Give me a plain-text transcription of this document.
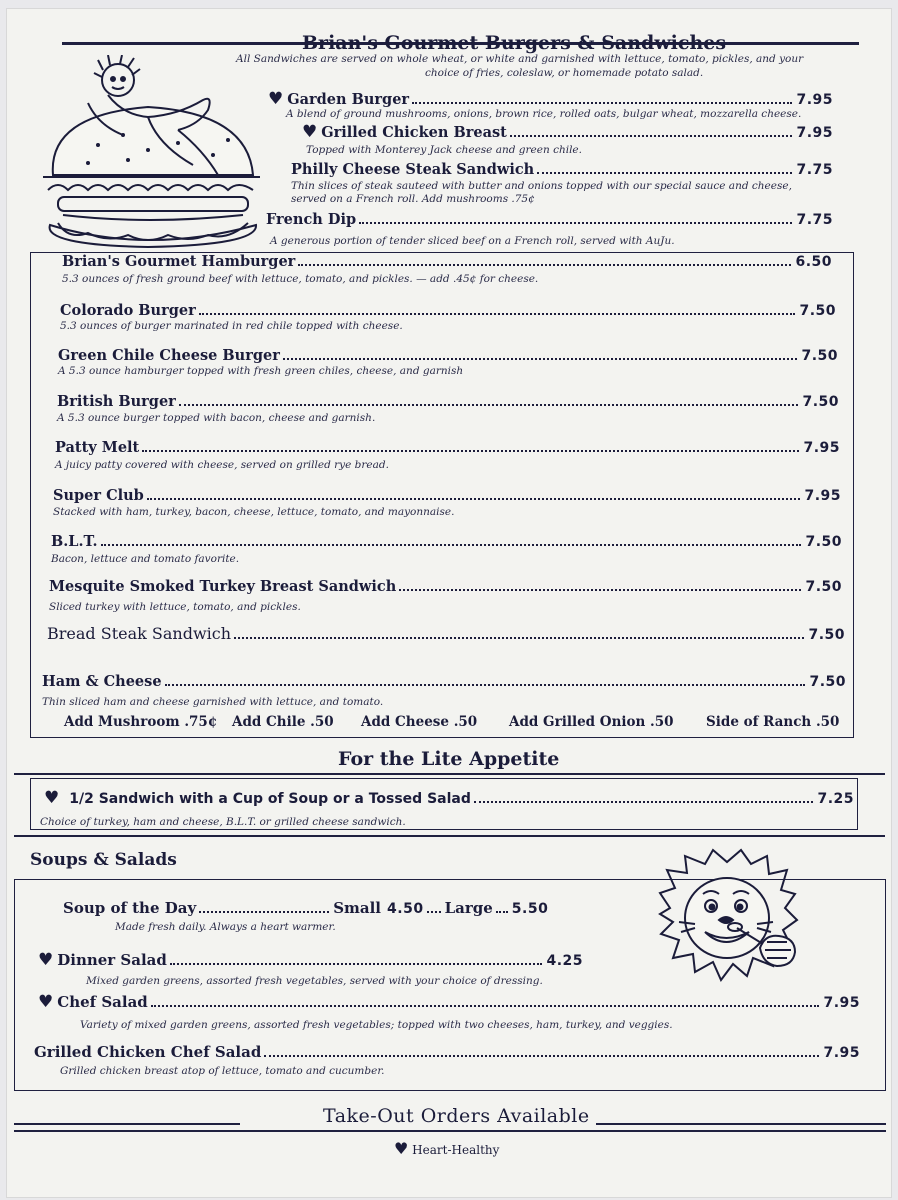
Brian's Gourmet Burgers & Sandwiches
All Sandwiches are served on whole wheat, or white and garnished with lettuce, tomato, pickles, and your
choice of fries, coleslaw, or homemade potato salad.
♥ Garden Burger	7.95
A blend of ground mushrooms, onions, brown rice, rolled oats, bulgar wheat, mozzarella cheese.
♥ Grilled Chicken Breast	7.95
Topped with Monterey Jack cheese and green chile.
Philly Cheese Steak Sandwich	7.75
Thin slices of steak sauteed with butter and onions topped with our special sauce and cheese,
served on a French roll. Add mushrooms .75¢
French Dip	7.75
A generous portion of tender sliced beef on a French roll, served with AuJu.
Brian's Gourmet Hamburger	6.50
5.3 ounces of fresh ground beef with lettuce, tomato, and pickles. — add .45¢ for cheese.
Colorado Burger	7.50
5.3 ounces of burger marinated in red chile topped with cheese.
Green Chile Cheese Burger	7.50
A 5.3 ounce hamburger topped with fresh green chiles, cheese, and garnish
British Burger	7.50
A 5.3 ounce burger topped with bacon, cheese and garnish.
Patty Melt	7.95
A juicy patty covered with cheese, served on grilled rye bread.
Super Club	7.95
Stacked with ham, turkey, bacon, cheese, lettuce, tomato, and mayonnaise.
B.L.T.	7.50
Bacon, lettuce and tomato favorite.
Mesquite Smoked Turkey Breast Sandwich	7.50
Sliced turkey with lettuce, tomato, and pickles.
Bread Steak Sandwich	7.50
Ham & Cheese	7.50
Thin sliced ham and cheese garnished with lettuce, and tomato.
Add Mushroom .75¢ Add Chile .50 Add Cheese .50 Add Grilled Onion .50 Side of Ranch .50
For the Lite Appetite
♥ 1/2 Sandwich with a Cup of Soup or a Tossed Salad	7.25
Choice of turkey, ham and cheese, B.L.T. or grilled cheese sandwich.
Soups & Salads
Soup of the Day	Small 4.50 Large 5.50
Made fresh daily. Always a heart warmer.
♥ Dinner Salad	4.25
Mixed garden greens, assorted fresh vegetables, served with your choice of dressing.
♥ Chef Salad	7.95
Variety of mixed garden greens, assorted fresh vegetables; topped with two cheeses, ham, turkey, and veggies.
Grilled Chicken Chef Salad	7.95
Grilled chicken breast atop of lettuce, tomato and cucumber.
Take-Out Orders Available
♥ Heart-Healthy
